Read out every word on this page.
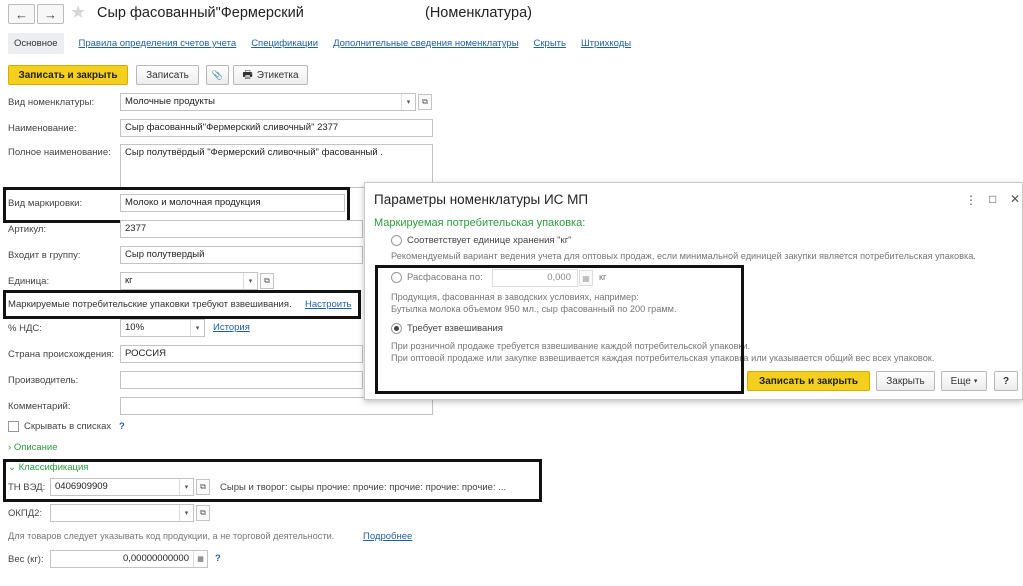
← → ★ Сыр фасованный"Фермерский	(Номенклатура)
Основное	Правила определения счетов учета Спецификации Дополнительные сведения номенклатуры Скрыть Штрихкоды
Записать и закрыть	Записать	📎 🖶 Этикетка
Вид номенклатуры:	Молочные продукты	▾	⧉
Наименование:	Сыр фасованный"Фермерский сливочный" 2377
Полное наименование:	Сыр полутвёрдый "Фермерский сливочный" фасованный .
Вид маркировки:	Молоко и молочная продукция
Артикул:	2377
Входит в группу:	Сыр полутвердый
Единица:	кг	▾	⧉
Маркируемые потребительские упаковки требуют взвешивания. Настроить
% НДС:	10%	▾	История
Страна происхождения:	РОССИЯ
Производитель:
Комментарий:
Скрывать в списках ?
› Описание
⌄ Классификация
ТН ВЭД:	0406909909	▾	⧉	Сыры и творог: сыры прочие: прочие: прочие: прочие: прочие: ...
ОКПД2:	▾	⧉
Для товаров следует указывать код продукции, а не торговой деятельности.	Подробнее
Вес (кг):	0,00000000000	▦	?
Параметры номенклатуры ИС МП	⋮ □ ✕
Маркируемая потребительская упаковка:
Соответствует единице хранения "кг"
Рекомендуемый вариант ведения учета для оптовых продаж, если минимальной единицей закупки является потребительская упаковка.
Расфасована по:	0,000	▦	кг
Продукция, фасованная в заводских условиях, например:
Бутылка молока объемом 950 мл., сыр фасованный по 200 грамм.
Требует взвешивания
При розничной продаже требуется взвешивание каждой потребительской упаковки.
При оптовой продаже или закупке взвешивается каждая потребительская упаковка или указывается общий вес всех упаковок.
Записать и закрыть	Закрыть	Еще ▾	?
